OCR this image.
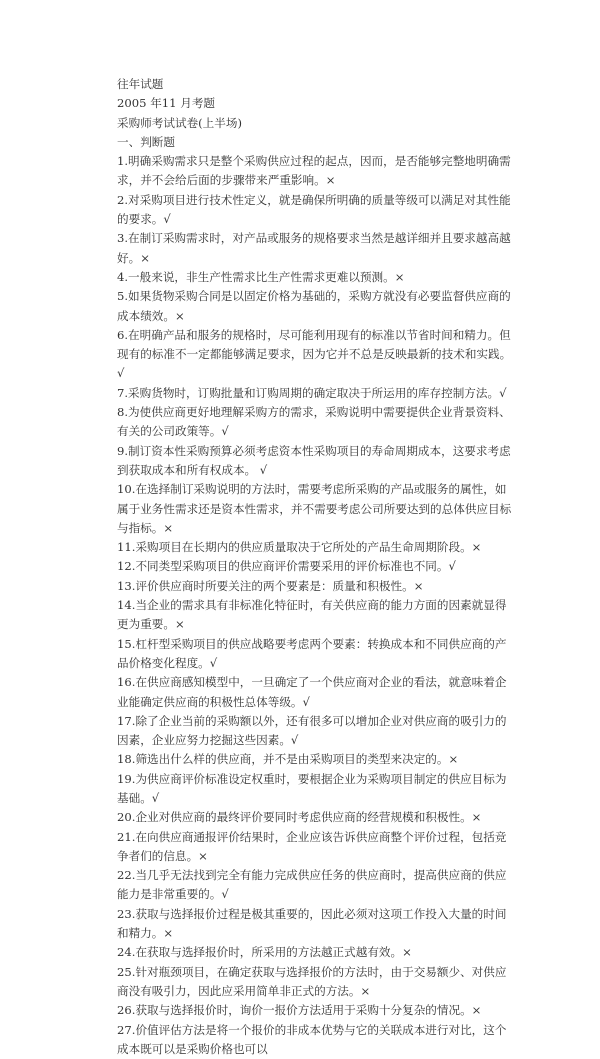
往年试题

2005 年11 月考题

采购师考试试卷(上半场)

一、判断题

1.明确采购需求只是整个采购供应过程的起点，因而，是否能够完整地明确需求，并不会给后面的步骤带来严重影响。×

2.对采购项目进行技术性定义，就是确保所明确的质量等级可以满足对其性能的要求。√

3.在制订采购需求时，对产品或服务的规格要求当然是越详细并且要求越高越好。×

4.一般来说，非生产性需求比生产性需求更难以预测。×

5.如果货物采购合同是以固定价格为基础的，采购方就没有必要监督供应商的成本绩效。×

6.在明确产品和服务的规格时，尽可能利用现有的标准以节省时间和精力。但现有的标准不一定都能够满足要求，因为它并不总是反映最新的技术和实践。√

7.采购货物时，订购批量和订购周期的确定取决于所运用的库存控制方法。√

8.为使供应商更好地理解采购方的需求，采购说明中需要提供企业背景资料、有关的公司政策等。√

9.制订资本性采购预算必须考虑资本性采购项目的寿命周期成本，这要求考虑到获取成本和所有权成本。 √

10.在选择制订采购说明的方法时，需要考虑所采购的产品或服务的属性，如属于业务性需求还是资本性需求，并不需要考虑公司所要达到的总体供应目标与指标。×

11.采购项目在长期内的供应质量取决于它所处的产品生命周期阶段。×

12.不同类型采购项目的供应商评价需要采用的评价标准也不同。√

13.评价供应商时所要关注的两个要素是：质量和积极性。×

14.当企业的需求具有非标准化特征时，有关供应商的能力方面的因素就显得更为重要。×

15.杠杆型采购项目的供应战略要考虑两个要素：转换成本和不同供应商的产品价格变化程度。√

16.在供应商感知模型中，一旦确定了一个供应商对企业的看法，就意味着企业能确定供应商的积极性总体等级。√

17.除了企业当前的采购额以外，还有很多可以增加企业对供应商的吸引力的因素，企业应努力挖掘这些因素。√

18.筛选出什么样的供应商，并不是由采购项目的类型来决定的。×

19.为供应商评价标准设定权重时，要根据企业为采购项目制定的供应目标为基础。√

20.企业对供应商的最终评价要同时考虑供应商的经营规模和积极性。×

21.在向供应商通报评价结果时，企业应该告诉供应商整个评价过程，包括竞争者们的信息。×

22.当几乎无法找到完全有能力完成供应任务的供应商时，提高供应商的供应能力是非常重要的。√

23.获取与选择报价过程是极其重要的，因此必须对这项工作投入大量的时间和精力。×

24.在获取与选择报价时，所采用的方法越正式越有效。×

25.针对瓶颈项目，在确定获取与选择报价的方法时，由于交易额少、对供应商没有吸引力，因此应采用简单非正式的方法。×

26.获取与选择报价时，询价一报价方法适用于采购十分复杂的情况。×

27.价值评估方法是将一个报价的非成本优势与它的关联成本进行对比，这个成本既可以是采购价格也可以
